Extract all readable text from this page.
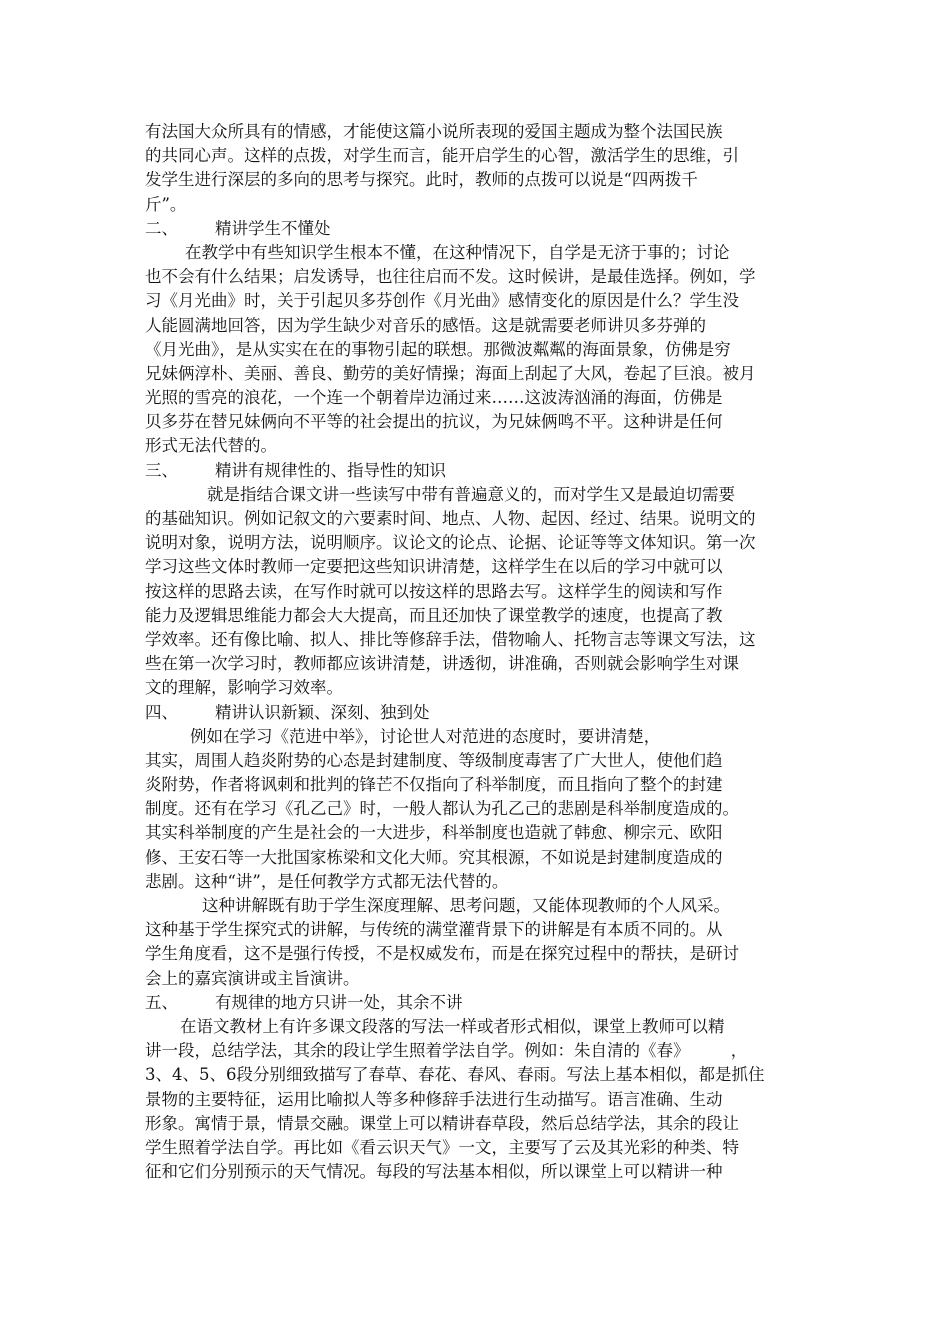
有法国大众所具有的情感，才能使这篇小说所表现的爱国主题成为整个法国民族
的共同心声。这样的点拨，对学生而言，能开启学生的心智，激活学生的思维，引
发学生进行深层的多向的思考与探究。此时，教师的点拨可以说是“四两拨千
斤”。
二、 精讲学生不懂处
在教学中有些知识学生根本不懂，在这种情况下，自学是无济于事的；讨论
也不会有什么结果；启发诱导，也往往启而不发。这时候讲，是最佳选择。例如，学
习《月光曲》时，关于引起贝多芬创作《月光曲》感情变化的原因是什么？学生没
人能圆满地回答，因为学生缺少对音乐的感悟。这是就需要老师讲贝多芬弹的
《月光曲》，是从实实在在的事物引起的联想。那微波粼粼的海面景象，仿佛是穷
兄妹俩淳朴、美丽、善良、勤劳的美好情操；海面上刮起了大风，卷起了巨浪。被月
光照的雪亮的浪花，一个连一个朝着岸边涌过来……这波涛汹涌的海面，仿佛是
贝多芬在替兄妹俩向不平等的社会提出的抗议，为兄妹俩鸣不平。这种讲是任何
形式无法代替的。
三、 精讲有规律性的、指导性的知识
就是指结合课文讲一些读写中带有普遍意义的，而对学生又是最迫切需要
的基础知识。例如记叙文的六要素时间、地点、人物、起因、经过、结果。说明文的
说明对象，说明方法，说明顺序。议论文的论点、论据、论证等等文体知识。第一次
学习这些文体时教师一定要把这些知识讲清楚，这样学生在以后的学习中就可以
按这样的思路去读，在写作时就可以按这样的思路去写。这样学生的阅读和写作
能力及逻辑思维能力都会大大提高，而且还加快了课堂教学的速度，也提高了教
学效率。还有像比喻、拟人、排比等修辞手法，借物喻人、托物言志等课文写法，这
些在第一次学习时，教师都应该讲清楚，讲透彻，讲准确，否则就会影响学生对课
文的理解，影响学习效率。
四、 精讲认识新颖、深刻、独到处
例如在学习《范进中举》，讨论世人对范进的态度时，要讲清楚，
其实，周围人趋炎附势的心态是封建制度、等级制度毒害了广大世人，使他们趋
炎附势，作者将讽刺和批判的锋芒不仅指向了科举制度，而且指向了整个的封建
制度。还有在学习《孔乙己》时，一般人都认为孔乙己的悲剧是科举制度造成的。
其实科举制度的产生是社会的一大进步，科举制度也造就了韩愈、柳宗元、欧阳
修、王安石等一大批国家栋梁和文化大师。究其根源，不如说是封建制度造成的
悲剧。这种“讲”，是任何教学方式都无法代替的。
这种讲解既有助于学生深度理解、思考问题，又能体现教师的个人风采。
这种基于学生探究式的讲解，与传统的满堂灌背景下的讲解是有本质不同的。从
学生角度看，这不是强行传授，不是权威发布，而是在探究过程中的帮扶，是研讨
会上的嘉宾演讲或主旨演讲。
五、 有规律的地方只讲一处，其余不讲
在语文教材上有许多课文段落的写法一样或者形式相似，课堂上教师可以精
讲一段，总结学法，其余的段让学生照着学法自学。例如：朱自清的《春》　　　，
3、4、5、6段分别细致描写了春草、春花、春风、春雨。写法上基本相似，都是抓住
景物的主要特征，运用比喻拟人等多种修辞手法进行生动描写。语言准确、生动
形象。寓情于景，情景交融。课堂上可以精讲春草段，然后总结学法，其余的段让
学生照着学法自学。再比如《看云识天气》一文，主要写了云及其光彩的种类、特
征和它们分别预示的天气情况。每段的写法基本相似，所以课堂上可以精讲一种
